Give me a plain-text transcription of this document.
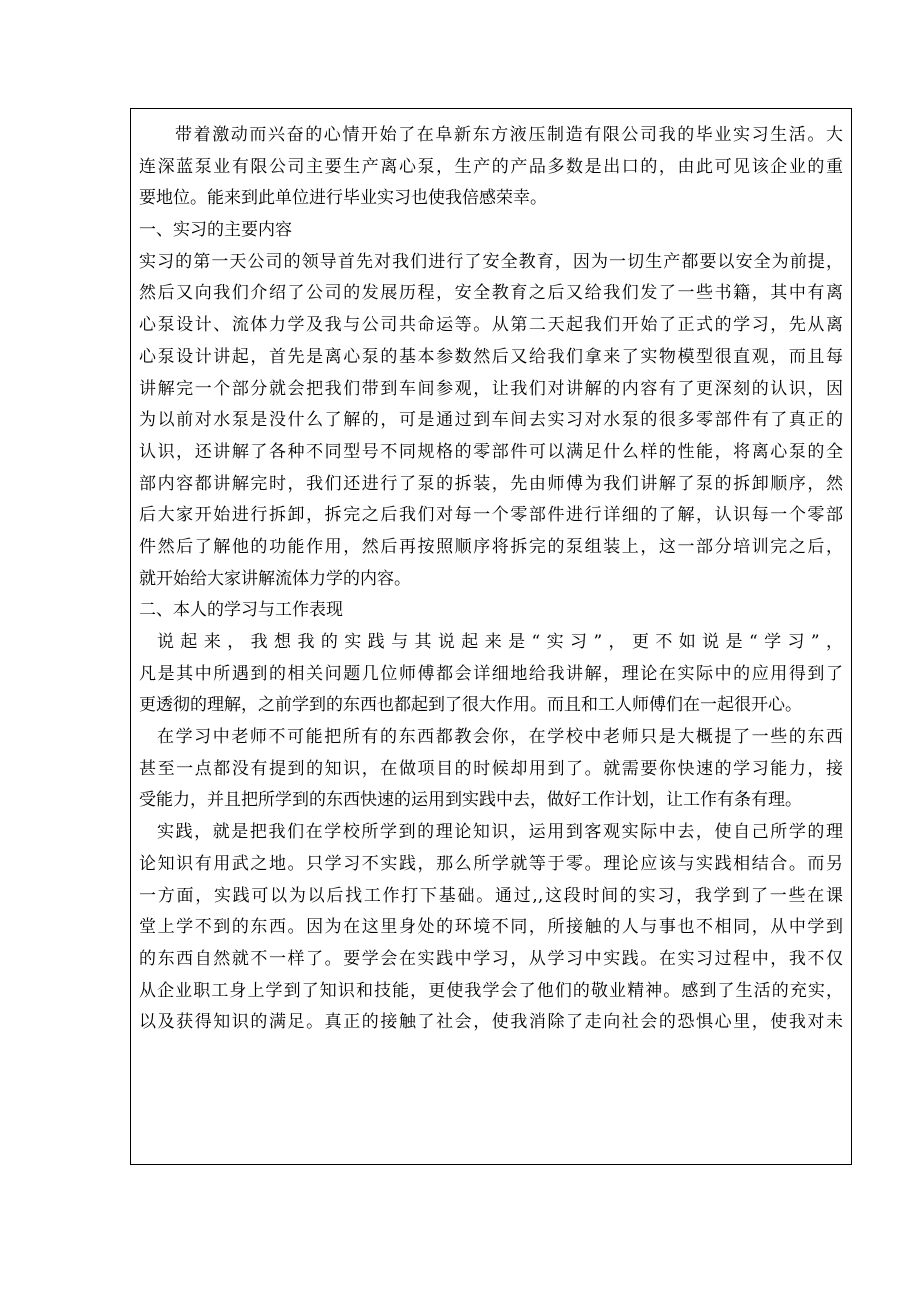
带着激动而兴奋的心情开始了在阜新东方液压制造有限公司我的毕业实习生活。大
连深蓝泵业有限公司主要生产离心泵，生产的产品多数是出口的，由此可见该企业的重
要地位。能来到此单位进行毕业实习也使我倍感荣幸。
一、实习的主要内容
实习的第一天公司的领导首先对我们进行了安全教育，因为一切生产都要以安全为前提，
然后又向我们介绍了公司的发展历程，安全教育之后又给我们发了一些书籍，其中有离
心泵设计、流体力学及我与公司共命运等。从第二天起我们开始了正式的学习，先从离
心泵设计讲起，首先是离心泵的基本参数然后又给我们拿来了实物模型很直观，而且每
讲解完一个部分就会把我们带到车间参观，让我们对讲解的内容有了更深刻的认识，因
为以前对水泵是没什么了解的，可是通过到车间去实习对水泵的很多零部件有了真正的
认识，还讲解了各种不同型号不同规格的零部件可以满足什么样的性能，将离心泵的全
部内容都讲解完时，我们还进行了泵的拆装，先由师傅为我们讲解了泵的拆卸顺序，然
后大家开始进行拆卸，拆完之后我们对每一个零部件进行详细的了解，认识每一个零部
件然后了解他的功能作用，然后再按照顺序将拆完的泵组装上，这一部分培训完之后，
就开始给大家讲解流体力学的内容。
二、本人的学习与工作表现
说起来，我想我的实践与其说起来是“实习”，更不如说是“学习”，
凡是其中所遇到的相关问题几位师傅都会详细地给我讲解，理论在实际中的应用得到了
更透彻的理解，之前学到的东西也都起到了很大作用。而且和工人师傅们在一起很开心。
在学习中老师不可能把所有的东西都教会你，在学校中老师只是大概提了一些的东西
甚至一点都没有提到的知识，在做项目的时候却用到了。就需要你快速的学习能力，接
受能力，并且把所学到的东西快速的运用到实践中去，做好工作计划，让工作有条有理。
实践，就是把我们在学校所学到的理论知识，运用到客观实际中去，使自己所学的理
论知识有用武之地。只学习不实践，那么所学就等于零。理论应该与实践相结合。而另
一方面，实践可以为以后找工作打下基础。通过,,这段时间的实习，我学到了一些在课
堂上学不到的东西。因为在这里身处的环境不同，所接触的人与事也不相同，从中学到
的东西自然就不一样了。要学会在实践中学习，从学习中实践。在实习过程中，我不仅
从企业职工身上学到了知识和技能，更使我学会了他们的敬业精神。感到了生活的充实，
以及获得知识的满足。真正的接触了社会，使我消除了走向社会的恐惧心里，使我对未
